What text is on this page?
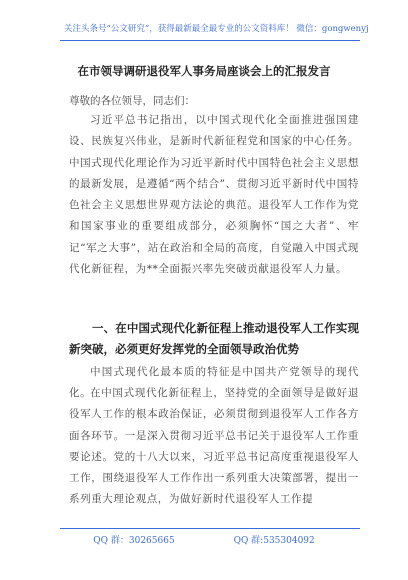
关注头条号“公文研究”，获得最新最全最专业的公文资料库！ 微信：gongwenyj
在市领导调研退役军人事务局座谈会上的汇报发言
尊敬的各位领导，同志们：
习近平总书记指出，以中国式现代化全面推进强国建设、民族复兴伟业，是新时代新征程党和国家的中心任务。中国式现代化理论作为习近平新时代中国特色社会主义思想的最新发展，是遵循“两个结合”、贯彻习近平新时代中国特色社会主义思想世界观方法论的典范。退役军人工作作为党和国家事业的重要组成部分，必须胸怀“国之大者”、牢记“军之大事”，站在政治和全局的高度，自觉融入中国式现代化新征程，为**全面振兴率先突破贡献退役军人力量。
一、在中国式现代化新征程上推动退役军人工作实现新突破，必须更好发挥党的全面领导政治优势
中国式现代化最本质的特征是中国共产党领导的现代化。
在中国式现代化新征程上，坚持党的全面领导是做好退役军人工作的根本政治保证，必须贯彻到退役军人工作各方面各环节。一是深入贯彻习近平总书记关于退役军人工作重要论述。党的十八大以来，习近平总书记高度重视退役军人工作，围绕退役军人工作作出一系列重大决策部署，提出一系列重大理论观点，为做好新时代退役军人工作提
QQ 群：30265665	QQ 群:535304092
